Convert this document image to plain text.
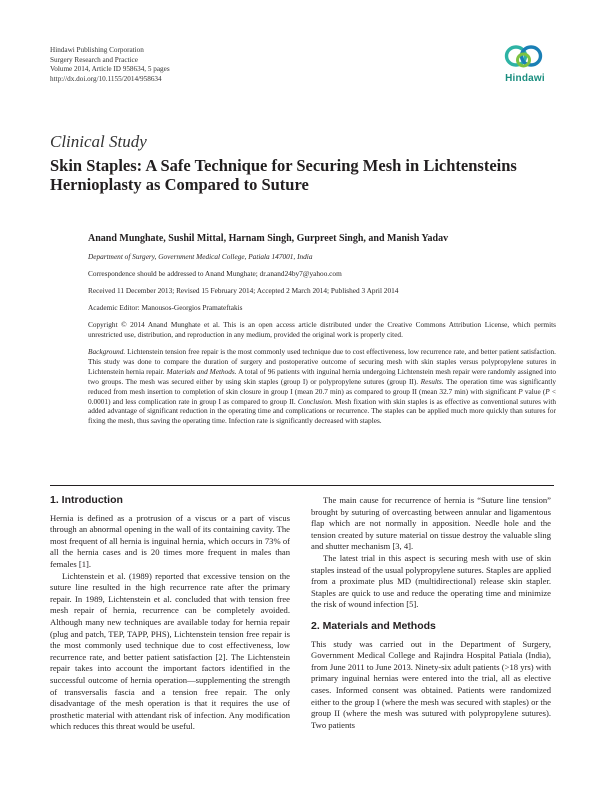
Hindawi Publishing Corporation
Surgery Research and Practice
Volume 2014, Article ID 958634, 5 pages
http://dx.doi.org/10.1155/2014/958634	Hindawi
Clinical Study
Skin Staples: A Safe Technique for Securing Mesh in Lichtensteins Hernioplasty as Compared to Suture
Anand Munghate, Sushil Mittal, Harnam Singh, Gurpreet Singh, and Manish Yadav
Department of Surgery, Government Medical College, Patiala 147001, India
Correspondence should be addressed to Anand Munghate; dr.anand24by7@yahoo.com
Received 11 December 2013; Revised 15 February 2014; Accepted 2 March 2014; Published 3 April 2014
Academic Editor: Manousos-Georgios Pramateftakis
Copyright © 2014 Anand Munghate et al. This is an open access article distributed under the Creative Commons Attribution License, which permits unrestricted use, distribution, and reproduction in any medium, provided the original work is properly cited.
Background. Lichtenstein tension free repair is the most commonly used technique due to cost effectiveness, low recurrence rate, and better patient satisfaction. This study was done to compare the duration of surgery and postoperative outcome of securing mesh with skin staples versus polypropylene sutures in Lichtenstein hernia repair. Materials and Methods. A total of 96 patients with inguinal hernia undergoing Lichtenstein mesh repair were randomly assigned into two groups. The mesh was secured either by using skin staples (group I) or polypropylene sutures (group II). Results. The operation time was significantly reduced from mesh insertion to completion of skin closure in group I (mean 20.7 min) as compared to group II (mean 32.7 min) with significant P value (P < 0.0001) and less complication rate in group I as compared to group II. Conclusion. Mesh fixation with skin staples is as effective as conventional sutures with added advantage of significant reduction in the operating time and complications or recurrence. The staples can be applied much more quickly than sutures for fixing the mesh, thus saving the operating time. Infection rate is significantly decreased with staples.
1. Introduction

Hernia is defined as a protrusion of a viscus or a part of viscus through an abnormal opening in the wall of its containing cavity. The most frequent of all hernia is inguinal hernia, which occurs in 73% of all the hernia cases and is 20 times more frequent in males than females [1].

Lichtenstein et al. (1989) reported that excessive tension on the suture line resulted in the high recurrence rate after the primary repair. In 1989, Lichtenstein et al. concluded that with tension free mesh repair of hernia, recurrence can be completely avoided. Although many new techniques are available today for hernia repair (plug and patch, TEP, TAPP, PHS), Lichtenstein tension free repair is the most commonly used technique due to cost effectiveness, low recurrence rate, and better patient satisfaction [2]. The Lichtenstein repair takes into account the important factors identified in the successful outcome of hernia operation—supplementing the strength of transversalis fascia and a tension free repair. The only disadvantage of the mesh operation is that it requires the use of prosthetic material with attendant risk of infection. Any modification which reduces this threat would be useful.

The main cause for recurrence of hernia is “Suture line tension” brought by suturing of overcasting between annular and ligamentous flap which are not normally in apposition. Needle hole and the tension created by suture material on tissue destroy the valuable sling and shutter mechanism [3, 4].

The latest trial in this aspect is securing mesh with use of skin staples instead of the usual polypropylene sutures. Staples are applied from a proximate plus MD (multidirectional) release skin stapler. Staples are quick to use and reduce the operating time and minimize the risk of wound infection [5].

2. Materials and Methods

This study was carried out in the Department of Surgery, Government Medical College and Rajindra Hospital Patiala (India), from June 2011 to June 2013. Ninety-six adult patients (>18 yrs) with primary inguinal hernias were entered into the trial, all as elective cases. Informed consent was obtained. Patients were randomized either to the group I (where the mesh was secured with staples) or the group II (where the mesh was sutured with polypropylene sutures). Two patients
